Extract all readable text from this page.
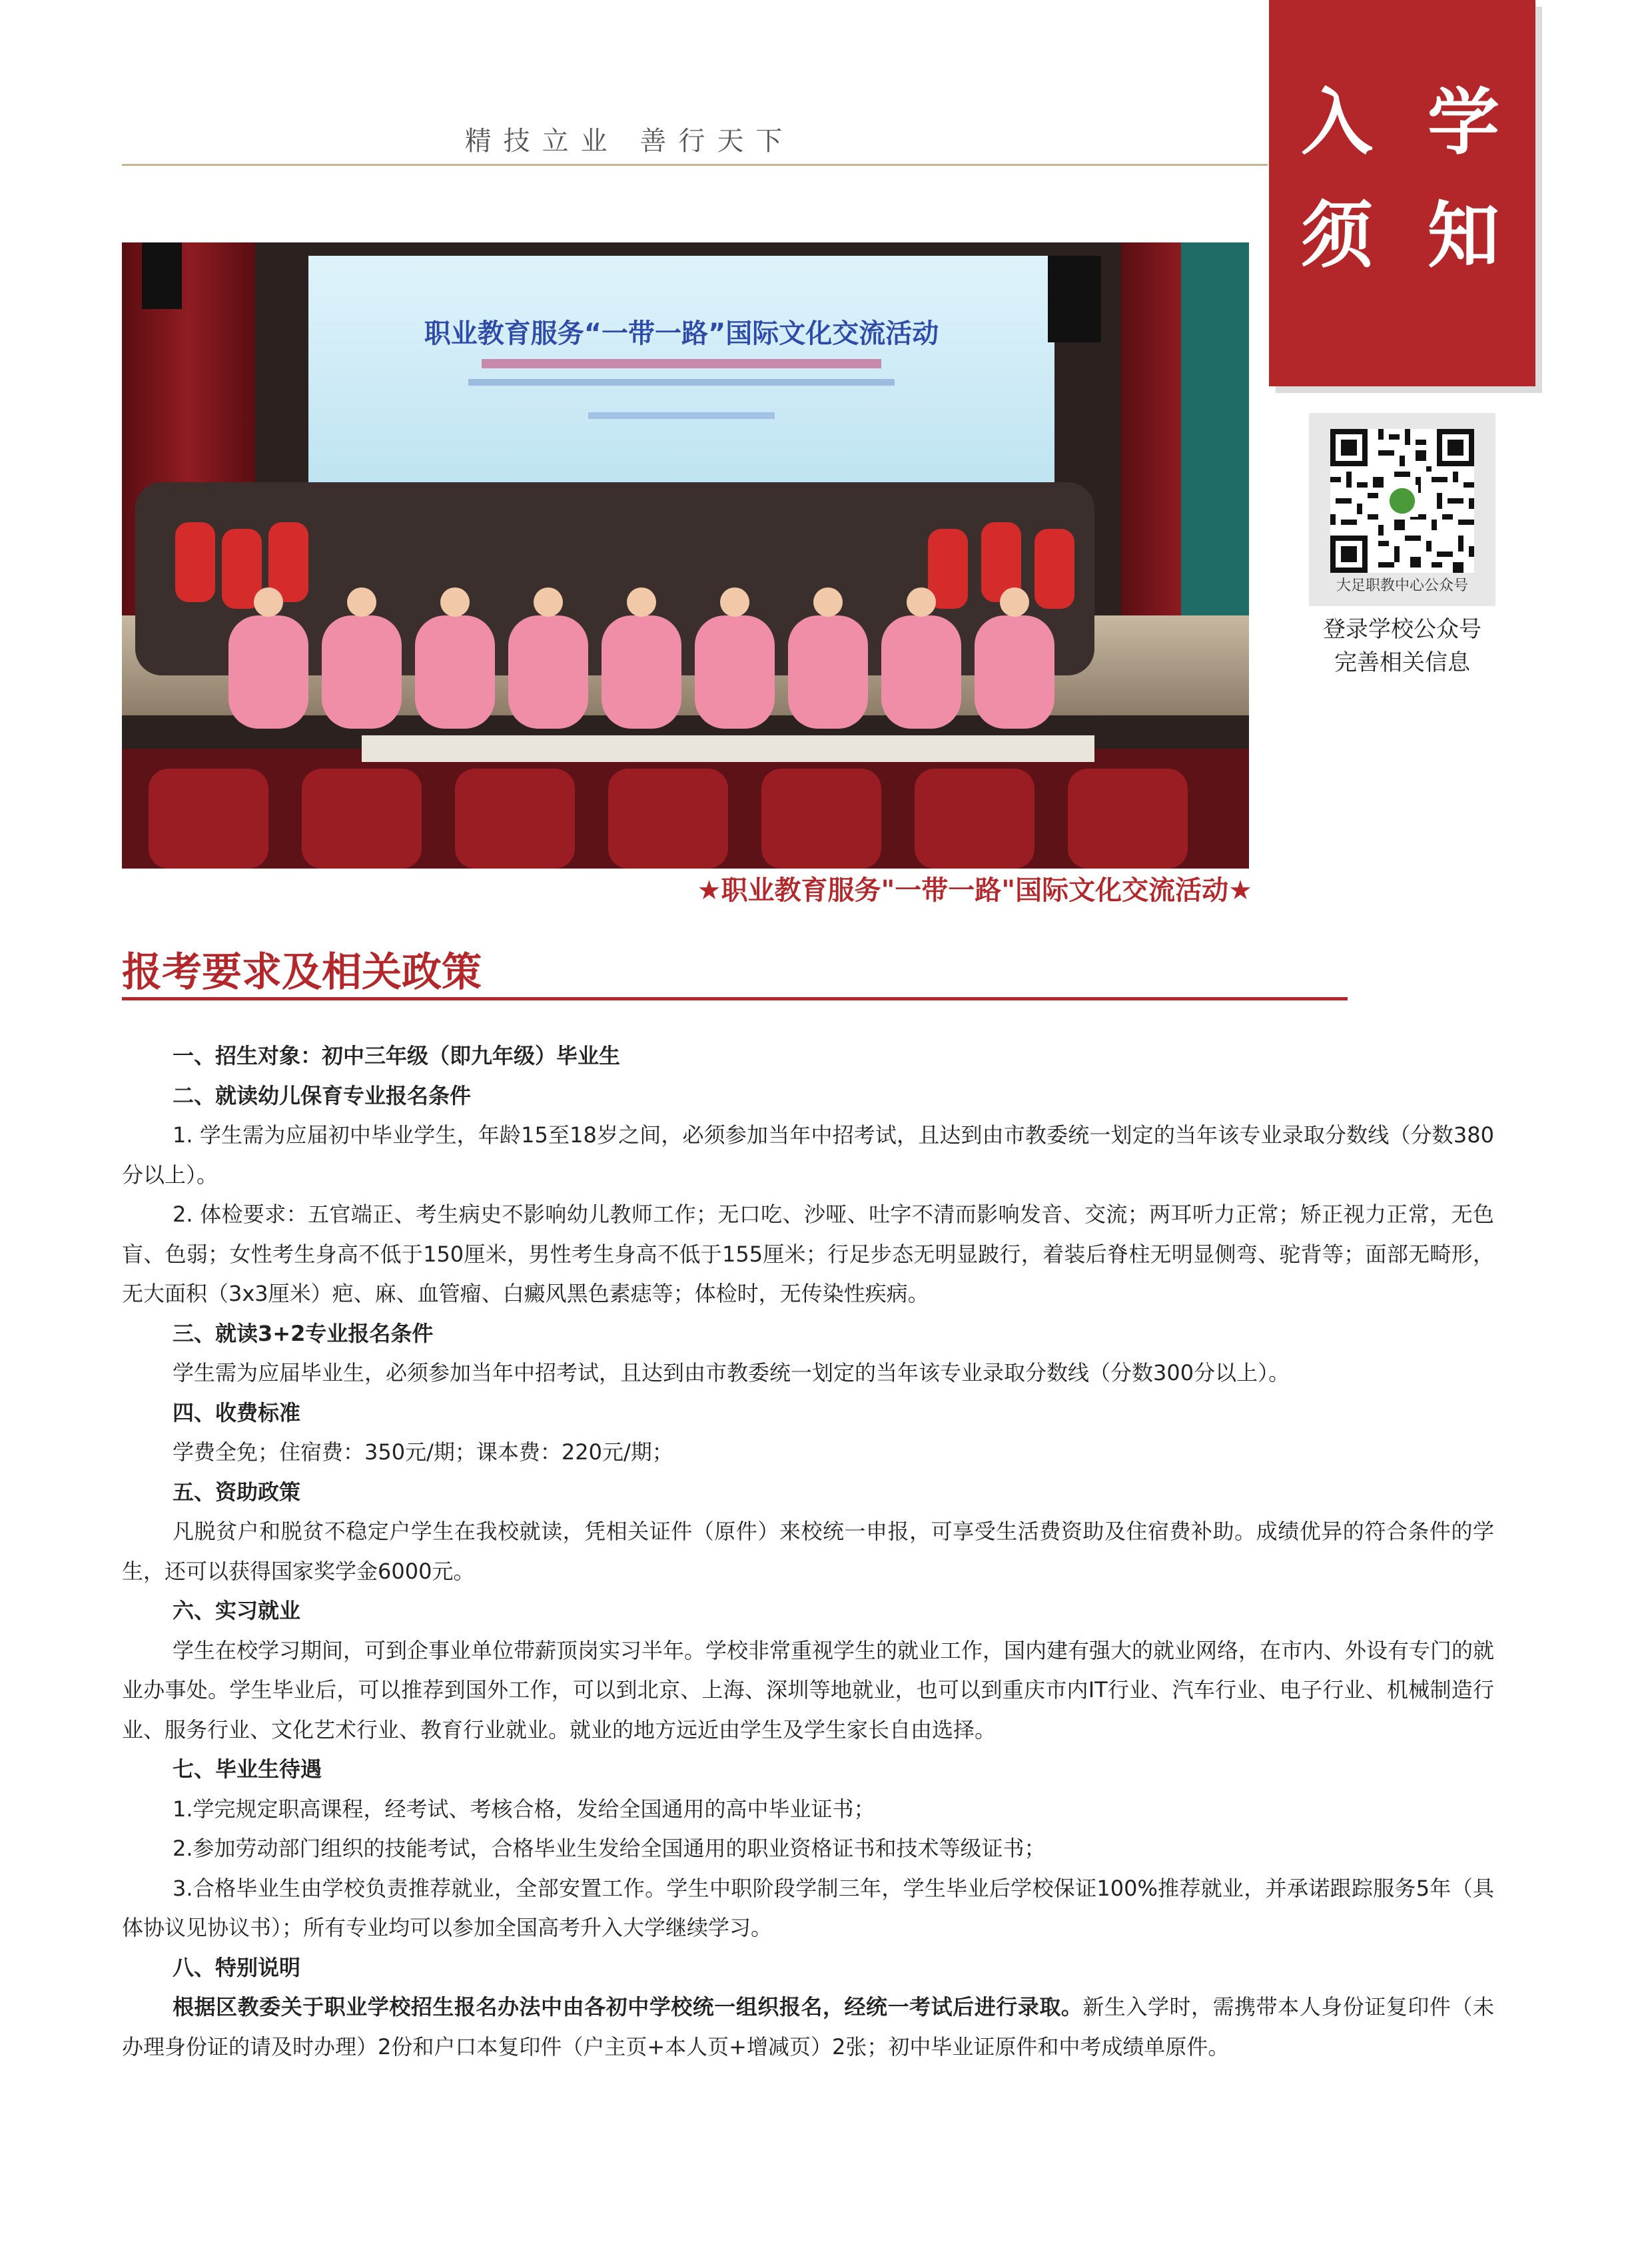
精技立业 善行天下	入 学
须 知
大足职教中心公众号
登录学校公众号
完善相关信息
职业教育服务“一带一路”国际文化交流活动
★职业教育服务"一带一路"国际文化交流活动★
报考要求及相关政策

一、招生对象：初中三年级（即九年级）毕业生

二、就读幼儿保育专业报名条件

1. 学生需为应届初中毕业学生，年龄15至18岁之间，必须参加当年中招考试，且达到由市教委统一划定的当年该专业录取分数线（分数380分以上）。

2. 体检要求：五官端正、考生病史不影响幼儿教师工作；无口吃、沙哑、吐字不清而影响发音、交流；两耳听力正常；矫正视力正常，无色盲、色弱；女性考生身高不低于150厘米，男性考生身高不低于155厘米；行足步态无明显跛行，着装后脊柱无明显侧弯、驼背等；面部无畸形，无大面积（3x3厘米）疤、麻、血管瘤、白癜风黑色素痣等；体检时，无传染性疾病。

三、就读3+2专业报名条件

学生需为应届毕业生，必须参加当年中招考试，且达到由市教委统一划定的当年该专业录取分数线（分数300分以上）。

四、收费标准

学费全免；住宿费：350元/期；课本费：220元/期；

五、资助政策

凡脱贫户和脱贫不稳定户学生在我校就读，凭相关证件（原件）来校统一申报，可享受生活费资助及住宿费补助。成绩优异的符合条件的学生，还可以获得国家奖学金6000元。

六、实习就业

学生在校学习期间，可到企事业单位带薪顶岗实习半年。学校非常重视学生的就业工作，国内建有强大的就业网络，在市内、外设有专门的就业办事处。学生毕业后，可以推荐到国外工作，可以到北京、上海、深圳等地就业，也可以到重庆市内IT行业、汽车行业、电子行业、机械制造行业、服务行业、文化艺术行业、教育行业就业。就业的地方远近由学生及学生家长自由选择。

七、毕业生待遇

1.学完规定职高课程，经考试、考核合格，发给全国通用的高中毕业证书；

2.参加劳动部门组织的技能考试，合格毕业生发给全国通用的职业资格证书和技术等级证书；

3.合格毕业生由学校负责推荐就业，全部安置工作。学生中职阶段学制三年，学生毕业后学校保证100%推荐就业，并承诺跟踪服务5年（具体协议见协议书）；所有专业均可以参加全国高考升入大学继续学习。

八、特别说明

根据区教委关于职业学校招生报名办法中由各初中学校统一组织报名，经统一考试后进行录取。新生入学时，需携带本人身份证复印件（未办理身份证的请及时办理）2份和户口本复印件（户主页+本人页+增减页）2张；初中毕业证原件和中考成绩单原件。
